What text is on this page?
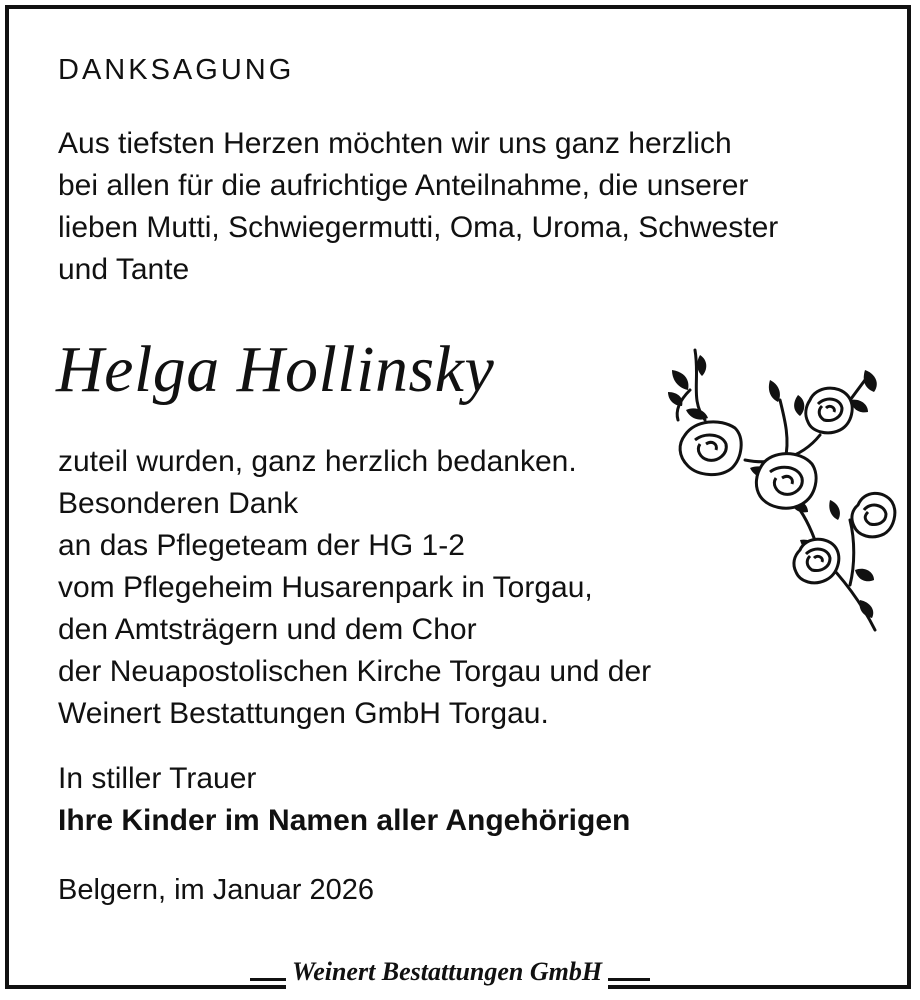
DANKSAGUNG
Aus tiefsten Herzen möchten wir uns ganz herzlich
bei allen für die aufrichtige Anteilnahme, die unserer
lieben Mutti, Schwiegermutti, Oma, Uroma, Schwester
und Tante
Helga Hollinsky
zuteil wurden, ganz herzlich bedanken.
Besonderen Dank
an das Pflegeteam der HG 1-2
vom Pflegeheim Husarenpark in Torgau,
den Amtsträgern und dem Chor
der Neuapostolischen Kirche Torgau und der
Weinert Bestattungen GmbH Torgau.
In stiller Trauer
Ihre Kinder im Namen aller Angehörigen
Belgern, im Januar 2026
Weinert Bestattungen GmbH
